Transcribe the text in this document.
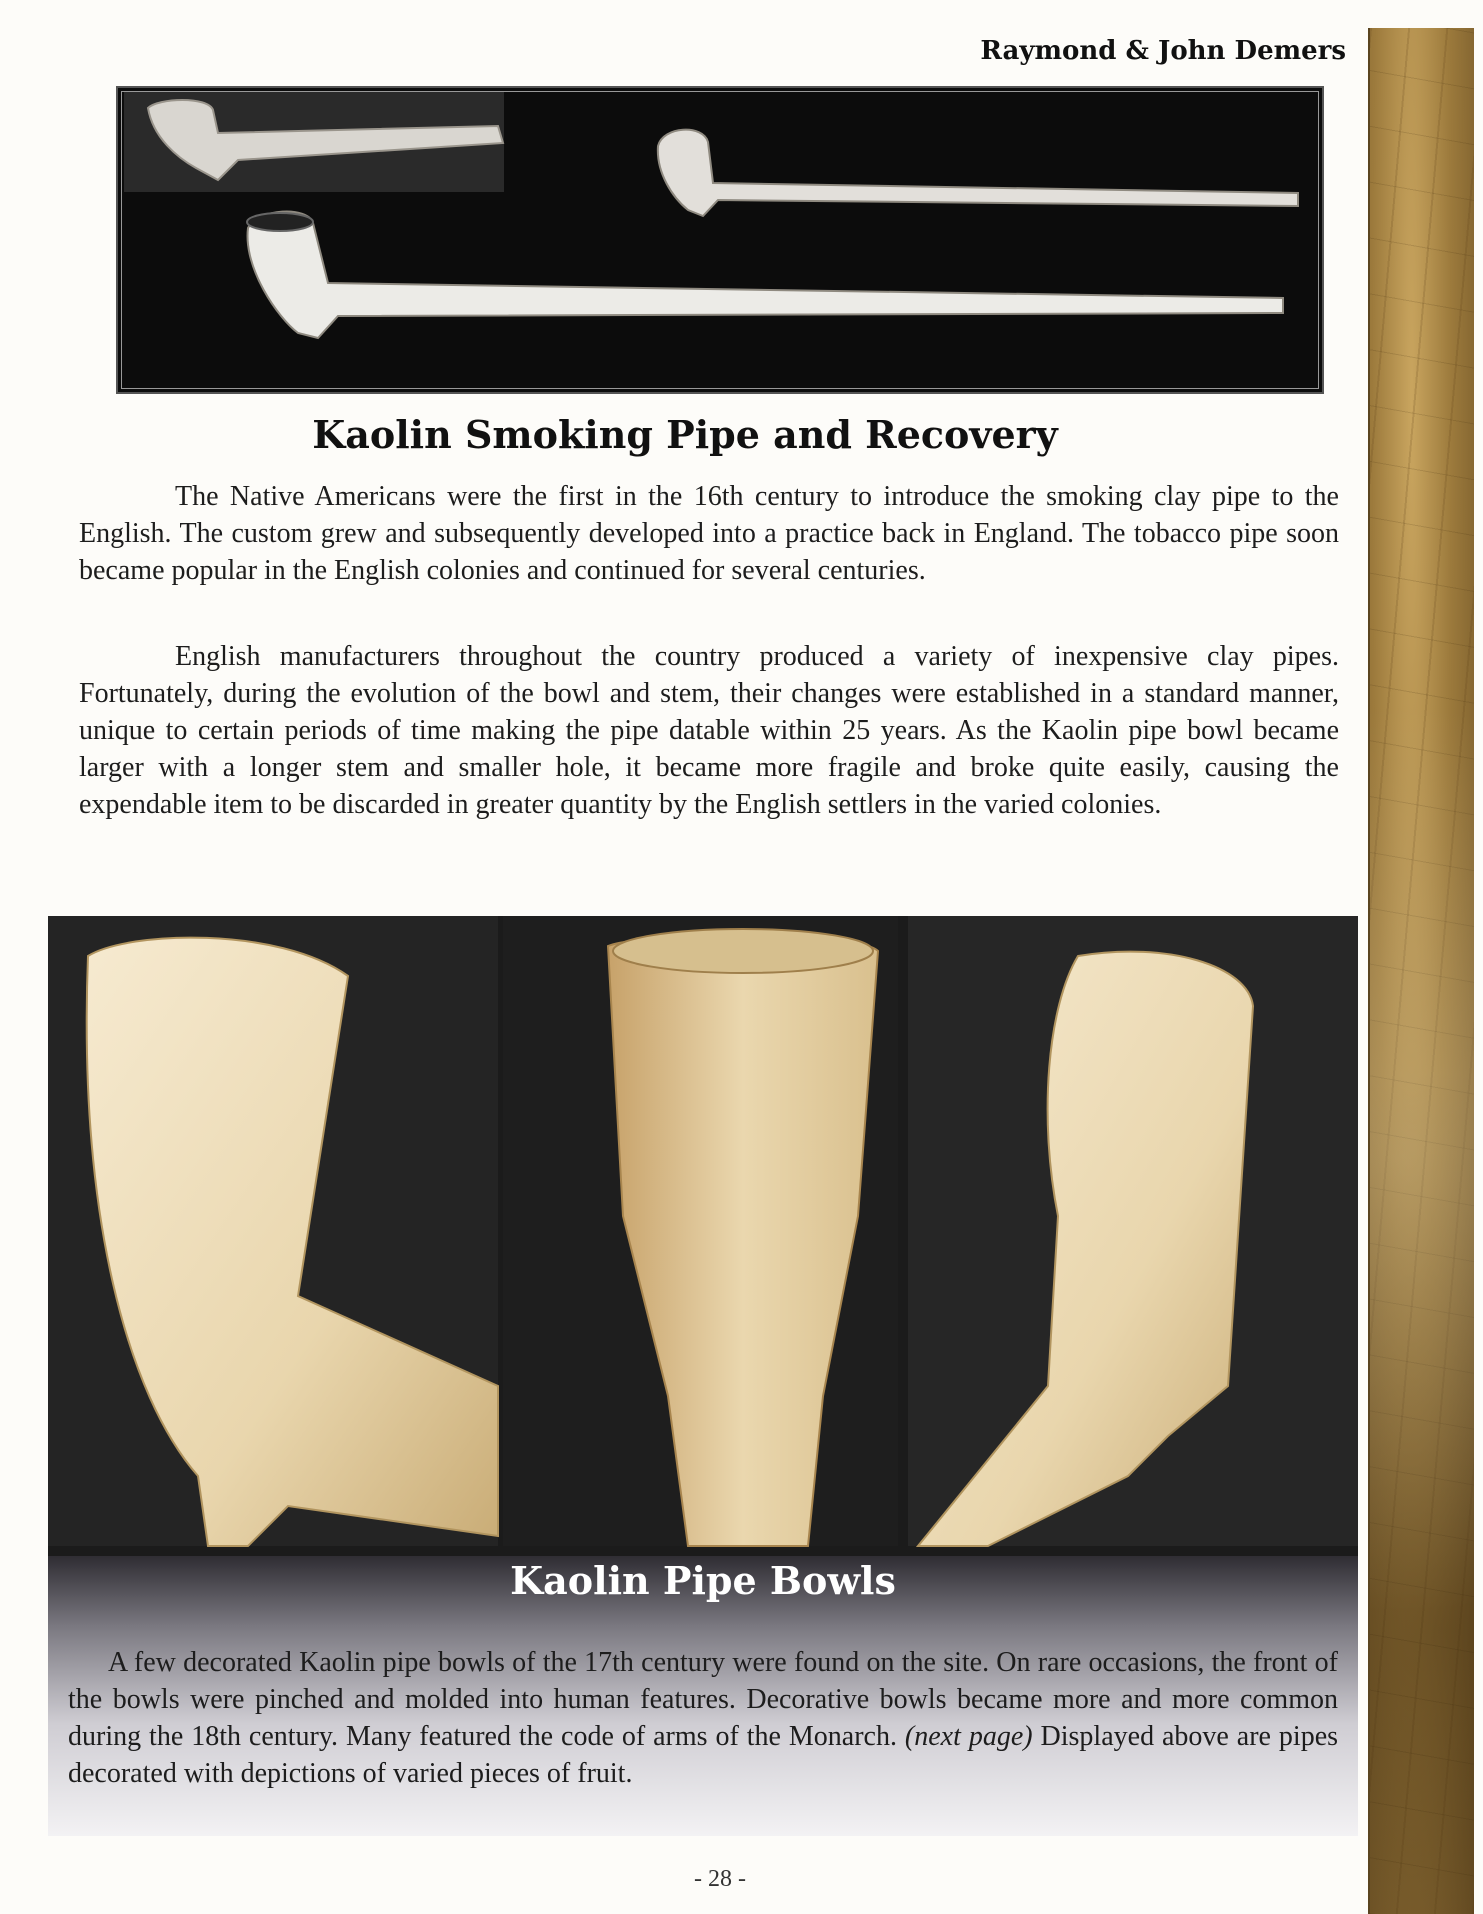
Raymond & John Demers
Kaolin Smoking Pipe and Recovery

The Native Americans were the first in the 16th century to introduce the smoking clay pipe to the English. The custom grew and subsequently developed into a practice back in England. The tobacco pipe soon became popular in the English colonies and continued for several centuries.

English manufacturers throughout the country produced a variety of inexpensive clay pipes. Fortunately, during the evolution of the bowl and stem, their changes were established in a standard manner, unique to certain periods of time making the pipe datable within 25 years. As the Kaolin pipe bowl became larger with a longer stem and smaller hole, it became more fragile and broke quite easily, causing the expendable item to be discarded in greater quantity by the English settlers in the varied colonies.

Kaolin Pipe Bowls

A few decorated Kaolin pipe bowls of the 17th century were found on the site. On rare occasions, the front of the bowls were pinched and molded into human features. Decorative bowls became more and more common during the 18th century. Many featured the code of arms of the Monarch. (next page) Displayed above are pipes decorated with depictions of varied pieces of fruit.

- 28 -
